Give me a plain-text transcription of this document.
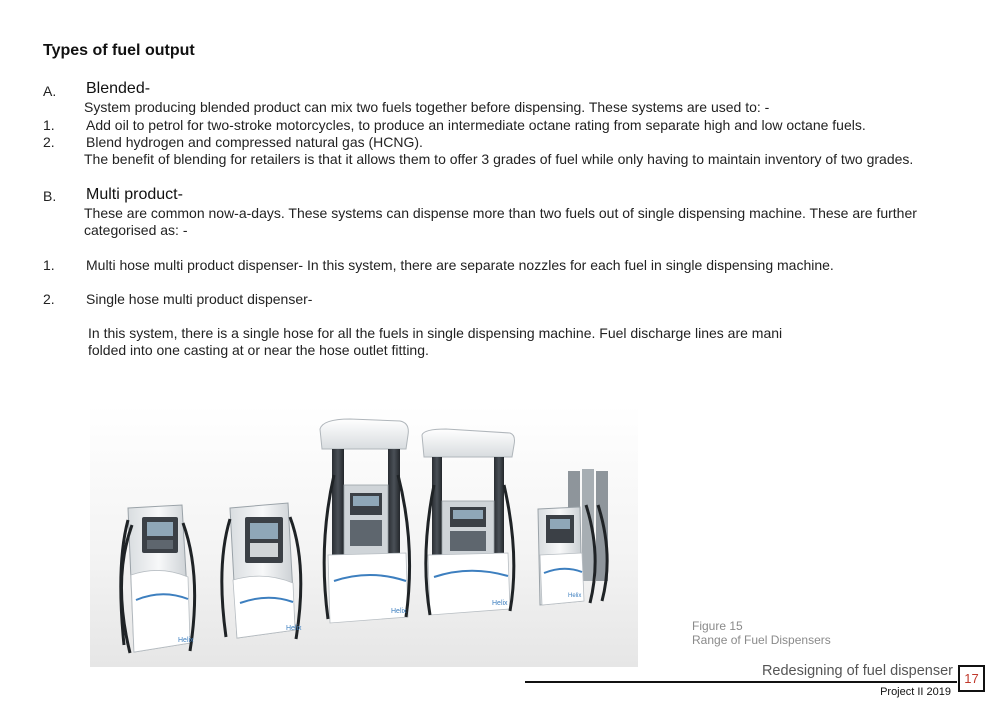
Types of fuel output
A. Blended-
System producing blended product can mix two fuels together before dispensing. These systems are used to: -
1. Add oil to petrol for two-stroke motorcycles, to produce an intermediate octane rating from separate high and low octane fuels.
2. Blend hydrogen and compressed natural gas (HCNG).
The benefit of blending for retailers is that it allows them to offer 3 grades of fuel while only having to maintain inventory of two grades.
B. Multi product-
These are common now-a-days. These systems can dispense more than two fuels out of single dispensing machine. These are further
categorised as: -
1. Multi hose multi product dispenser- In this system, there are separate nozzles for each fuel in single dispensing machine.
2. Single hose multi product dispenser-
In this system, there is a single hose for all the fuels in single dispensing machine. Fuel discharge lines are mani
folded into one casting at or near the hose outlet fitting.
Helix
Helix
Helix
Helix
Helix
Figure 15
Range of Fuel Dispensers
Redesigning of fuel dispenser
Project II 2019
17
